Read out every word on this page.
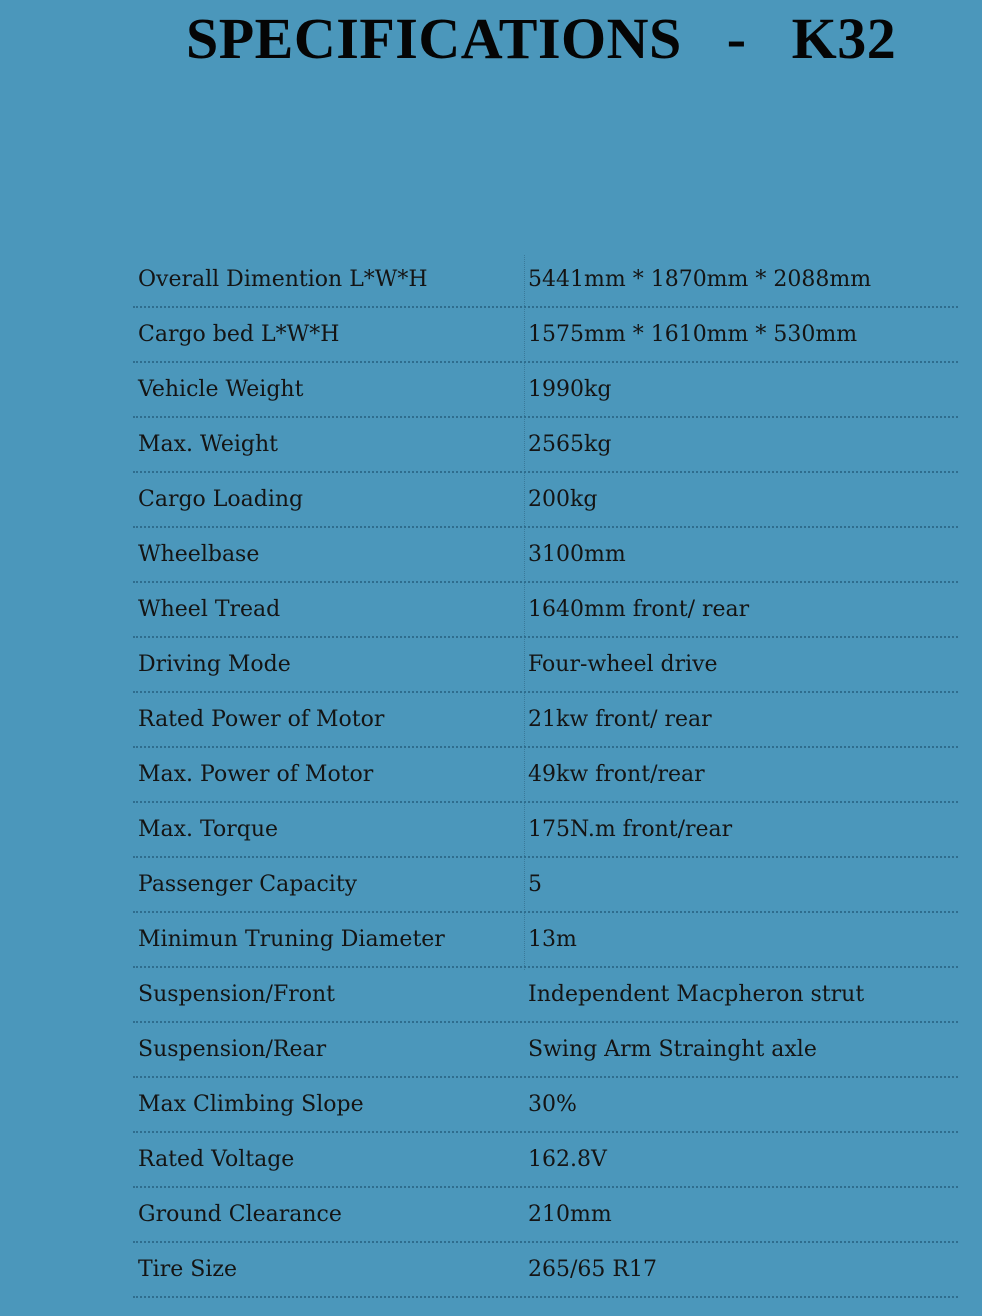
SPECIFICATIONS   -   K32
Overall Dimention L*W*H	5441mm * 1870mm * 2088mm
Cargo bed L*W*H	1575mm * 1610mm * 530mm
Vehicle Weight	1990kg
Max. Weight	2565kg
Cargo Loading	200kg
Wheelbase	3100mm
Wheel Tread	1640mm front/ rear
Driving Mode	Four-wheel drive
Rated Power of Motor	21kw front/ rear
Max. Power of Motor	49kw front/rear
Max. Torque	175N.m front/rear
Passenger Capacity	5
Minimun Truning Diameter	13m
Suspension/Front	Independent Macpheron strut
Suspension/Rear	Swing Arm Strainght axle
Max Climbing Slope	30%
Rated Voltage	162.8V
Ground Clearance	210mm
Tire Size	265/65 R17
